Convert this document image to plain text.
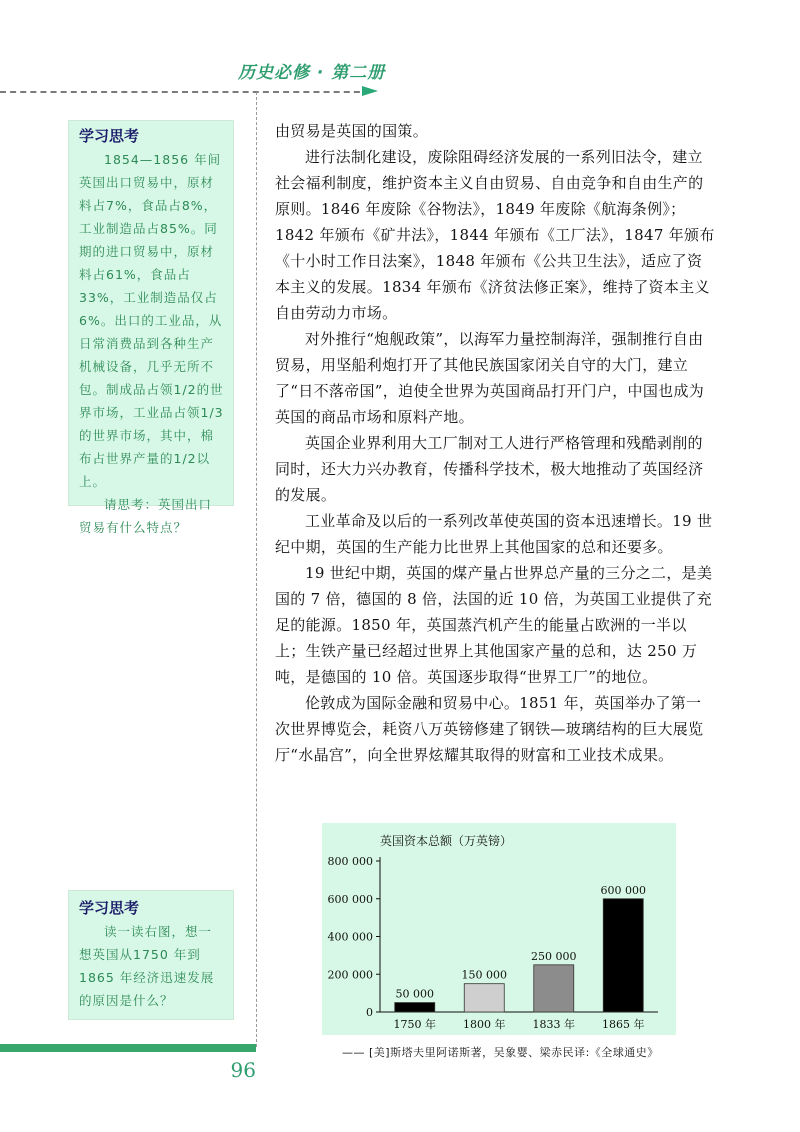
历史必修 · 第二册
学习思考

1854—1856 年间英国出口贸易中，原材料占7%，食品占8%，工业制造品占85%。同期的进口贸易中，原材料占61%，食品占33%，工业制造品仅占6%。出口的工业品，从日常消费品到各种生产机械设备，几乎无所不包。制成品占领1/2的世界市场，工业品占领1/3的世界市场，其中，棉布占世界产量的1/2以上。

请思考：英国出口贸易有什么特点？

学习思考

读一读右图，想一想英国从1750 年到1865 年经济迅速发展的原因是什么？

由贸易是英国的国策。

进行法制化建设，废除阻碍经济发展的一系列旧法令，建立社会福利制度，维护资本主义自由贸易、自由竞争和自由生产的原则。1846 年废除《谷物法》，1849 年废除《航海条例》；1842 年颁布《矿井法》，1844 年颁布《工厂法》，1847 年颁布《十小时工作日法案》，1848 年颁布《公共卫生法》，适应了资本主义的发展。1834 年颁布《济贫法修正案》，维持了资本主义自由劳动力市场。

对外推行“炮舰政策”，以海军力量控制海洋，强制推行自由贸易，用坚船利炮打开了其他民族国家闭关自守的大门，建立了“日不落帝国”，迫使全世界为英国商品打开门户，中国也成为英国的商品市场和原料产地。

英国企业界利用大工厂制对工人进行严格管理和残酷剥削的同时，还大力兴办教育，传播科学技术，极大地推动了英国经济的发展。

工业革命及以后的一系列改革使英国的资本迅速增长。19 世纪中期，英国的生产能力比世界上其他国家的总和还要多。

19 世纪中期，英国的煤产量占世界总产量的三分之二，是美国的 7 倍，德国的 8 倍，法国的近 10 倍，为英国工业提供了充足的能源。1850 年，英国蒸汽机产生的能量占欧洲的一半以上；生铁产量已经超过世界上其他国家产量的总和，达 250 万吨，是德国的 10 倍。英国逐步取得“世界工厂”的地位。

伦敦成为国际金融和贸易中心。1851 年，英国举办了第一次世界博览会，耗资八万英镑修建了钢铁—玻璃结构的巨大展览厅“水晶宫”，向全世界炫耀其取得的财富和工业技术成果。

英国资本总额（万英镑）
0
200 000
400 000
600 000
800 000
50 000
1750 年
150 000
1800 年
250 000
1833 年
600 000
1865 年
—— [美]斯塔夫里阿诺斯著，吴象婴、梁赤民译:《全球通史》
96
